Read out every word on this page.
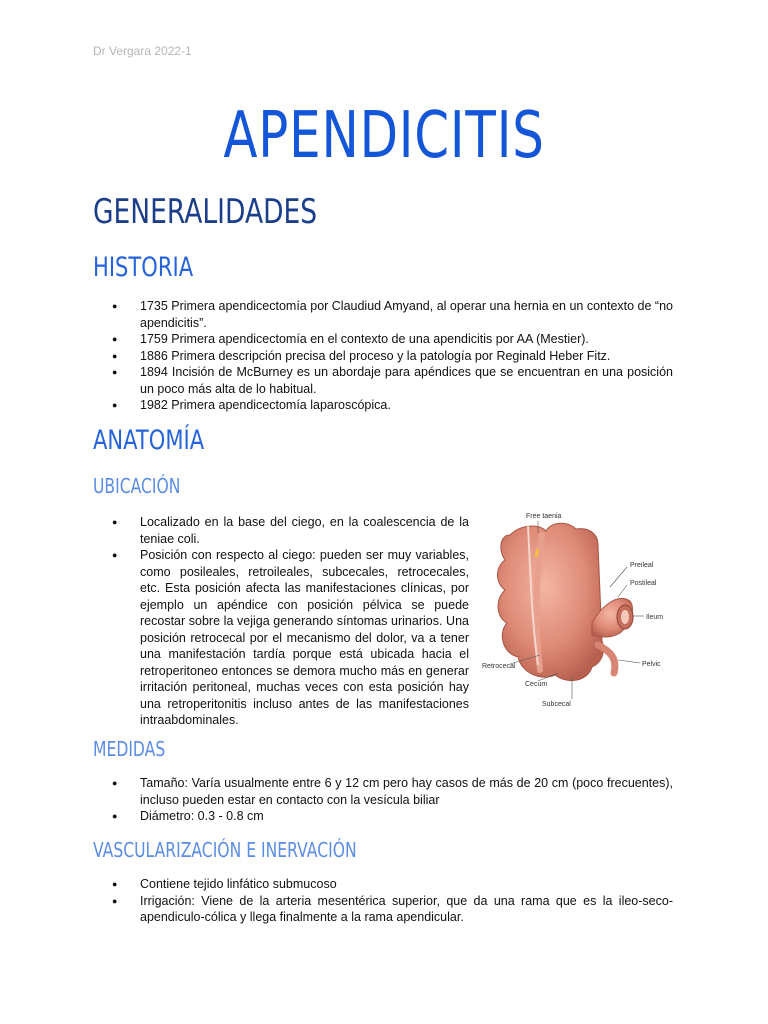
Dr Vergara 2022-1
APENDICITIS
GENERALIDADES
HISTORIA
● 1735 Primera apendicectomía por Claudiud Amyand, al operar una hernia en un contexto de “no apendicitis”.
● 1759 Primera apendicectomía en el contexto de una apendicitis por AA (Mestier).
● 1886 Primera descripción precisa del proceso y la patología por Reginald Heber Fitz.
● 1894 Incisión de McBurney es un abordaje para apéndices que se encuentran en una posición un poco más alta de lo habitual.
● 1982 Primera apendicectomía laparoscópica.
ANATOMÍA
UBICACIÓN
● Localizado en la base del ciego, en la coalescencia de la teniae coli.
● Posición con respecto al ciego: pueden ser muy variables, como posileales, retroileales, subcecales, retrocecales, etc. Esta posición afecta las manifestaciones clínicas, por ejemplo un apéndice con posición pélvica se puede recostar sobre la vejiga generando síntomas urinarios. Una posición retrocecal por el mecanismo del dolor, va a tener una manifestación tardía porque está ubicada hacia el retroperitoneo entonces se demora mucho más en generar irritación peritoneal, muchas veces con esta posición hay una retroperitonitis incluso antes de las manifestaciones intraabdominales.
Free taenia
Preileal
Postileal
Ileum
Pelvic
Retrocecal
Cecum
Subcecal
MEDIDAS
● Tamaño: Varía usualmente entre 6 y 12 cm pero hay casos de más de 20 cm (poco frecuentes), incluso pueden estar en contacto con la vesícula biliar
● Diámetro: 0.3 - 0.8 cm
VASCULARIZACIÓN E INERVACIÓN
● Contiene tejido linfático submucoso
● Irrigación: Viene de la arteria mesentérica superior, que da una rama que es la ileo-seco-apendiculo-cólica y llega finalmente a la rama apendicular.
